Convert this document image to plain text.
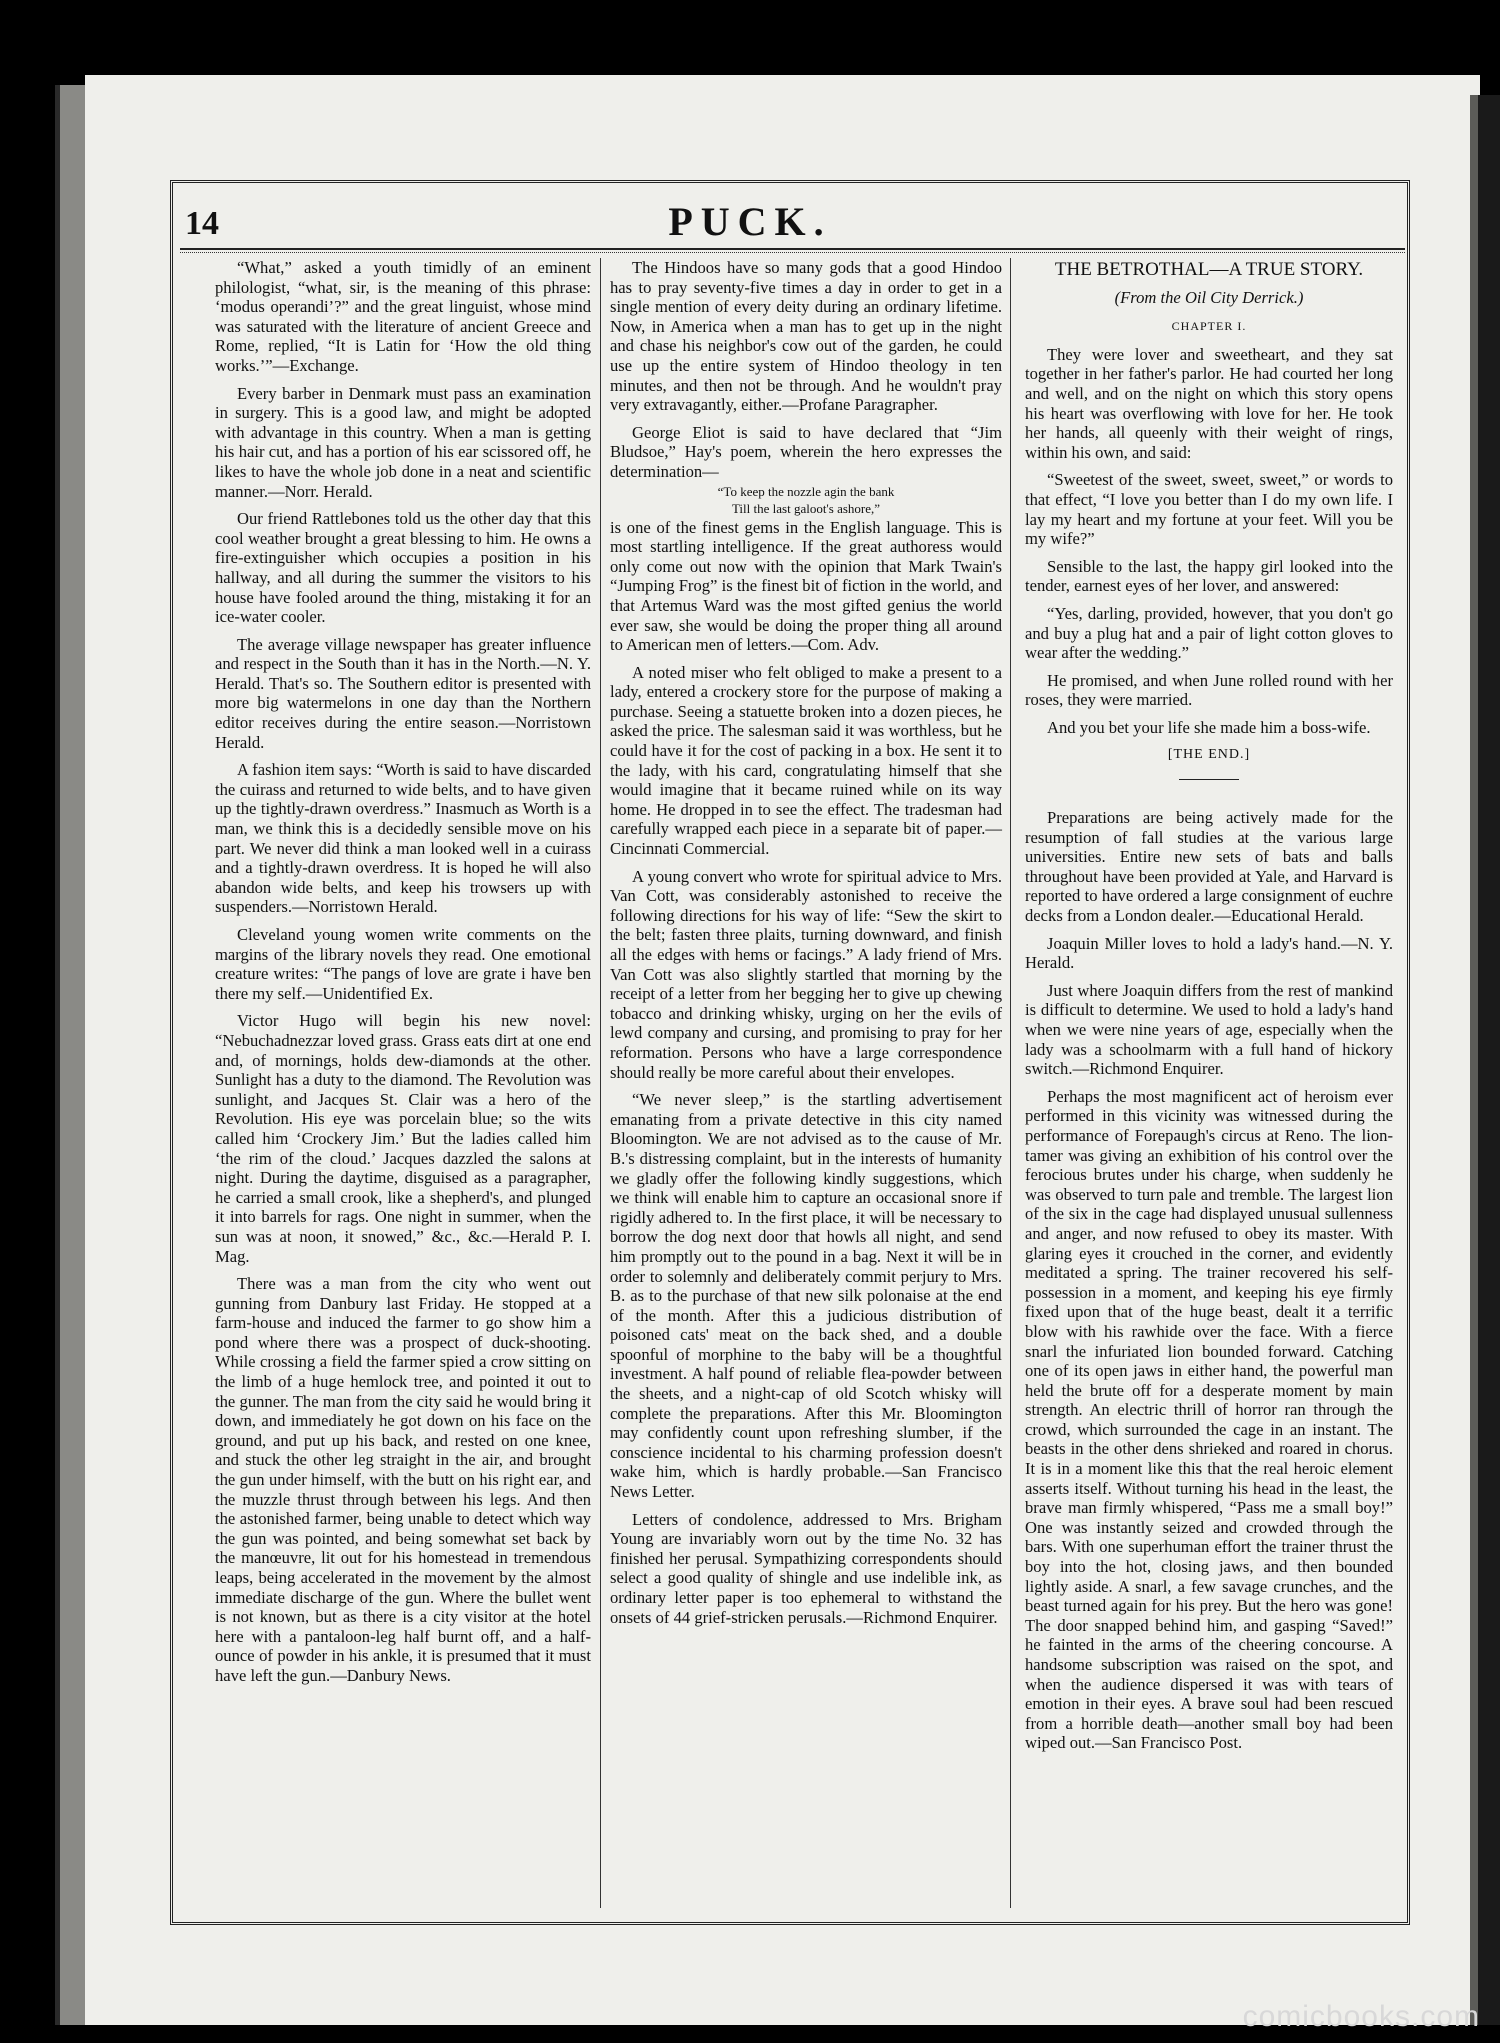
14	PUCK.

“What,” asked a youth timidly of an eminent philologist, “what, sir, is the meaning of this phrase: ‘modus operandi’?” and the great linguist, whose mind was saturated with the literature of ancient Greece and Rome, replied, “It is Latin for ‘How the old thing works.’”—Exchange.

Every barber in Denmark must pass an examination in surgery. This is a good law, and might be adopted with advantage in this country. When a man is getting his hair cut, and has a portion of his ear scissored off, he likes to have the whole job done in a neat and scientific manner.—Norr. Herald.

Our friend Rattlebones told us the other day that this cool weather brought a great blessing to him. He owns a fire-extinguisher which occupies a position in his hallway, and all during the summer the visitors to his house have fooled around the thing, mistaking it for an ice-water cooler.

The average village newspaper has greater influence and respect in the South than it has in the North.—N. Y. Herald. That's so. The Southern editor is presented with more big watermelons in one day than the Northern editor receives during the entire season.—Norristown Herald.

A fashion item says: “Worth is said to have discarded the cuirass and returned to wide belts, and to have given up the tightly-drawn overdress.” Inasmuch as Worth is a man, we think this is a decidedly sensible move on his part. We never did think a man looked well in a cuirass and a tightly-drawn overdress. It is hoped he will also abandon wide belts, and keep his trowsers up with suspenders.—Norristown Herald.

Cleveland young women write comments on the margins of the library novels they read. One emotional creature writes: “The pangs of love are grate i have ben there my self.—Unidentified Ex.

Victor Hugo will begin his new novel: “Nebuchadnezzar loved grass. Grass eats dirt at one end and, of mornings, holds dew-diamonds at the other. Sunlight has a duty to the diamond. The Revolution was sunlight, and Jacques St. Clair was a hero of the Revolution. His eye was porcelain blue; so the wits called him ‘Crockery Jim.’ But the ladies called him ‘the rim of the cloud.’ Jacques dazzled the salons at night. During the daytime, disguised as a paragrapher, he carried a small crook, like a shepherd's, and plunged it into barrels for rags. One night in summer, when the sun was at noon, it snowed,” &c., &c.—Herald P. I. Mag.

There was a man from the city who went out gunning from Danbury last Friday. He stopped at a farm-house and induced the farmer to go show him a pond where there was a prospect of duck-shooting. While crossing a field the farmer spied a crow sitting on the limb of a huge hemlock tree, and pointed it out to the gunner. The man from the city said he would bring it down, and immediately he got down on his face on the ground, and put up his back, and rested on one knee, and stuck the other leg straight in the air, and brought the gun under himself, with the butt on his right ear, and the muzzle thrust through between his legs. And then the astonished farmer, being unable to detect which way the gun was pointed, and being somewhat set back by the manœuvre, lit out for his homestead in tremendous leaps, being accelerated in the movement by the almost immediate discharge of the gun. Where the bullet went is not known, but as there is a city visitor at the hotel here with a pantaloon-leg half burnt off, and a half-ounce of powder in his ankle, it is presumed that it must have left the gun.—Danbury News.

The Hindoos have so many gods that a good Hindoo has to pray seventy-five times a day in order to get in a single mention of every deity during an ordinary lifetime. Now, in America when a man has to get up in the night and chase his neighbor's cow out of the garden, he could use up the entire system of Hindoo theology in ten minutes, and then not be through. And he wouldn't pray very extravagantly, either.—Profane Paragrapher.

George Eliot is said to have declared that “Jim Bludsoe,” Hay's poem, wherein the hero expresses the determination—

“To keep the nozzle agin the bank
Till the last galoot's ashore,”

is one of the finest gems in the English language. This is most startling intelligence. If the great authoress would only come out now with the opinion that Mark Twain's “Jumping Frog” is the finest bit of fiction in the world, and that Artemus Ward was the most gifted genius the world ever saw, she would be doing the proper thing all around to American men of letters.—Com. Adv.

A noted miser who felt obliged to make a present to a lady, entered a crockery store for the purpose of making a purchase. Seeing a statuette broken into a dozen pieces, he asked the price. The salesman said it was worthless, but he could have it for the cost of packing in a box. He sent it to the lady, with his card, congratulating himself that she would imagine that it became ruined while on its way home. He dropped in to see the effect. The tradesman had carefully wrapped each piece in a separate bit of paper.—Cincinnati Commercial.

A young convert who wrote for spiritual advice to Mrs. Van Cott, was considerably astonished to receive the following directions for his way of life: “Sew the skirt to the belt; fasten three plaits, turning downward, and finish all the edges with hems or facings.” A lady friend of Mrs. Van Cott was also slightly startled that morning by the receipt of a letter from her begging her to give up chewing tobacco and drinking whisky, urging on her the evils of lewd company and cursing, and promising to pray for her reformation. Persons who have a large correspondence should really be more careful about their envelopes.

“We never sleep,” is the startling advertisement emanating from a private detective in this city named Bloomington. We are not advised as to the cause of Mr. B.'s distressing complaint, but in the interests of humanity we gladly offer the following kindly suggestions, which we think will enable him to capture an occasional snore if rigidly adhered to. In the first place, it will be necessary to borrow the dog next door that howls all night, and send him promptly out to the pound in a bag. Next it will be in order to solemnly and deliberately commit perjury to Mrs. B. as to the purchase of that new silk polonaise at the end of the month. After this a judicious distribution of poisoned cats' meat on the back shed, and a double spoonful of morphine to the baby will be a thoughtful investment. A half pound of reliable flea-powder between the sheets, and a night-cap of old Scotch whisky will complete the preparations. After this Mr. Bloomington may confidently count upon refreshing slumber, if the conscience incidental to his charming profession doesn't wake him, which is hardly probable.—San Francisco News Letter.

Letters of condolence, addressed to Mrs. Brigham Young are invariably worn out by the time No. 32 has finished her perusal. Sympathizing correspondents should select a good quality of shingle and use indelible ink, as ordinary letter paper is too ephemeral to withstand the onsets of 44 grief-stricken perusals.—Richmond Enquirer.

THE BETROTHAL—A TRUE STORY.
(From the Oil City Derrick.)
CHAPTER I.

They were lover and sweetheart, and they sat together in her father's parlor. He had courted her long and well, and on the night on which this story opens his heart was overflowing with love for her. He took her hands, all queenly with their weight of rings, within his own, and said:

“Sweetest of the sweet, sweet, sweet,” or words to that effect, “I love you better than I do my own life. I lay my heart and my fortune at your feet. Will you be my wife?”

Sensible to the last, the happy girl looked into the tender, earnest eyes of her lover, and answered:

“Yes, darling, provided, however, that you don't go and buy a plug hat and a pair of light cotton gloves to wear after the wedding.”

He promised, and when June rolled round with her roses, they were married.

And you bet your life she made him a boss-wife.

[THE END.]

Preparations are being actively made for the resumption of fall studies at the various large universities. Entire new sets of bats and balls throughout have been provided at Yale, and Harvard is reported to have ordered a large consignment of euchre decks from a London dealer.—Educational Herald.

Joaquin Miller loves to hold a lady's hand.—N. Y. Herald.

Just where Joaquin differs from the rest of mankind is difficult to determine. We used to hold a lady's hand when we were nine years of age, especially when the lady was a schoolmarm with a full hand of hickory switch.—Richmond Enquirer.

Perhaps the most magnificent act of heroism ever performed in this vicinity was witnessed during the performance of Forepaugh's circus at Reno. The lion-tamer was giving an exhibition of his control over the ferocious brutes under his charge, when suddenly he was observed to turn pale and tremble. The largest lion of the six in the cage had displayed unusual sullenness and anger, and now refused to obey its master. With glaring eyes it crouched in the corner, and evidently meditated a spring. The trainer recovered his self-possession in a moment, and keeping his eye firmly fixed upon that of the huge beast, dealt it a terrific blow with his rawhide over the face. With a fierce snarl the infuriated lion bounded forward. Catching one of its open jaws in either hand, the powerful man held the brute off for a desperate moment by main strength. An electric thrill of horror ran through the crowd, which surrounded the cage in an instant. The beasts in the other dens shrieked and roared in chorus. It is in a moment like this that the real heroic element asserts itself. Without turning his head in the least, the brave man firmly whispered, “Pass me a small boy!” One was instantly seized and crowded through the bars. With one superhuman effort the trainer thrust the boy into the hot, closing jaws, and then bounded lightly aside. A snarl, a few savage crunches, and the beast turned again for his prey. But the hero was gone! The door snapped behind him, and gasping “Saved!” he fainted in the arms of the cheering concourse. A handsome subscription was raised on the spot, and when the audience dispersed it was with tears of emotion in their eyes. A brave soul had been rescued from a horrible death—another small boy had been wiped out.—San Francisco Post.

comicbooks.com
